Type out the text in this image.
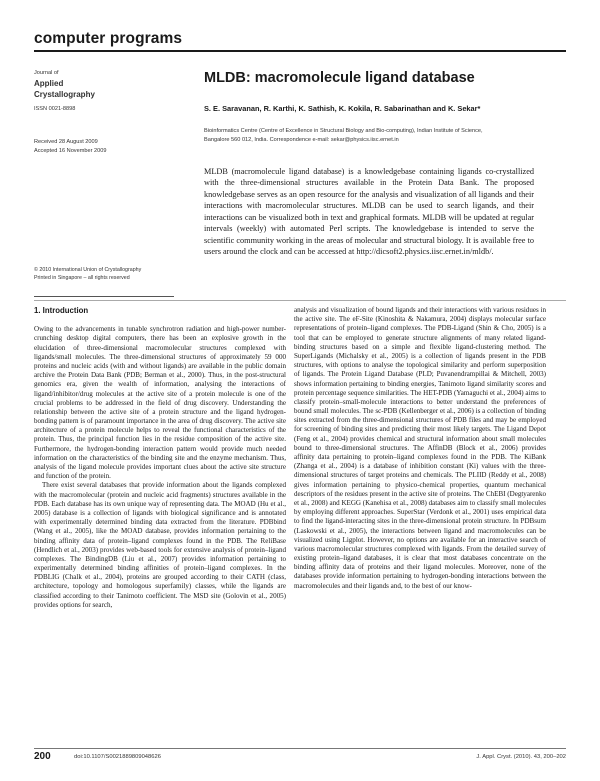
computer programs
Journal of
Applied
Crystallography
ISSN 0021-8898
Received 28 August 2009
Accepted 16 November 2009
© 2010 International Union of Crystallography
Printed in Singapore – all rights reserved
MLDB: macromolecule ligand database
S. E. Saravanan, R. Karthi, K. Sathish, K. Kokila, R. Sabarinathan and K. Sekar*
Bioinformatics Centre (Centre of Excellence in Structural Biology and Bio-computing), Indian Institute of Science,
Bangalore 560 012, India. Correspondence e-mail: sekar@physics.iisc.ernet.in

MLDB (macromolecule ligand database) is a knowledgebase containing ligands co-crystallized with the three-dimensional structures available in the Protein Data Bank. The proposed knowledgebase serves as an open resource for the analysis and visualization of all ligands and their interactions with macromolecular structures. MLDB can be used to search ligands, and their interactions can be visualized both in text and graphical formats. MLDB will be updated at regular intervals (weekly) with automated Perl scripts. The knowledgebase is intended to serve the scientific community working in the areas of molecular and structural biology. It is available free to users around the clock and can be accessed at http://dicsoft2.physics.iisc.ernet.in/mldb/.

1. Introduction

Owing to the advancements in tunable synchrotron radiation and high-power number-crunching desktop digital computers, there has been an explosive growth in the elucidation of three-dimensional macromolecular structures complexed with ligands/small molecules. The three-dimensional structures of approximately 59 000 proteins and nucleic acids (with and without ligands) are available in the public domain archive the Protein Data Bank (PDB; Berman et al., 2000). Thus, in the post-structural genomics era, given the wealth of information, analysing the interactions of ligand/inhibitor/drug molecules at the active site of a protein molecule is one of the crucial problems to be addressed in the field of drug discovery. Understanding the relationship between the active site of a protein structure and the ligand hydrogen-bonding pattern is of paramount importance in the area of drug discovery. The active site architecture of a protein molecule helps to reveal the functional characteristics of the protein. Thus, the principal function lies in the residue composition of the active site. Furthermore, the hydrogen-bonding interaction pattern would provide much needed information on the characteristics of the binding site and the enzyme mechanism. Thus, analysis of the ligand molecule provides important clues about the active site structure and function of the protein.

There exist several databases that provide information about the ligands complexed with the macromolecular (protein and nucleic acid fragments) structures available in the PDB. Each database has its own unique way of representing data. The MOAD (Hu et al., 2005) database is a collection of ligands with biological significance and is annotated with experimentally determined binding data extracted from the literature. PDBbind (Wang et al., 2005), like the MOAD database, provides information pertaining to the binding affinity data of protein–ligand complexes found in the PDB. The ReliBase (Hendlich et al., 2003) provides web-based tools for extensive analysis of protein–ligand complexes. The BindingDB (Liu et al., 2007) provides information pertaining to experimentally determined binding affinities of protein–ligand complexes. In the PDBLIG (Chalk et al., 2004), proteins are grouped according to their CATH (class, architecture, topology and homologous superfamily) classes, while the ligands are classified according to their Tanimoto coefficient. The MSD site (Golovin et al., 2005) provides options for search,

analysis and visualization of bound ligands and their interactions with various residues in the active site. The eF-Site (Kinoshita & Nakamura, 2004) displays molecular surface representations of protein–ligand complexes. The PDB-Ligand (Shin & Cho, 2005) is a tool that can be employed to generate structure alignments of many related ligand-binding structures based on a simple and flexible ligand-clustering method. The SuperLigands (Michalsky et al., 2005) is a collection of ligands present in the PDB structures, with options to analyse the topological similarity and perform superposition of ligands. The Protein Ligand Database (PLD; Puvanendrampillai & Mitchell, 2003) shows information pertaining to binding energies, Tanimoto ligand similarity scores and protein percentage sequence similarities. The HET-PDB (Yamaguchi et al., 2004) aims to classify protein–small-molecule interactions to better understand the preferences of bound small molecules. The sc-PDB (Kellenberger et al., 2006) is a collection of binding sites extracted from the three-dimensional structures of PDB files and may be employed for screening of binding sites and predicting their most likely targets. The Ligand Depot (Feng et al., 2004) provides chemical and structural information about small molecules bound to three-dimensional structures. The AffinDB (Block et al., 2006) provides affinity data pertaining to protein–ligand complexes found in the PDB. The KiBank (Zhanga et al., 2004) is a database of inhibition constant (Ki) values with the three-dimensional structures of target proteins and chemicals. The PLIID (Reddy et al., 2008) gives information pertaining to physico-chemical properties, quantum mechanical descriptors of the residues present in the active site of proteins. The ChEBI (Degtyarenko et al., 2008) and KEGG (Kanehisa et al., 2008) databases aim to classify small molecules by employing different approaches. SuperStar (Verdonk et al., 2001) uses empirical data to find the ligand-interacting sites in the three-dimensional protein structure. In PDBsum (Laskowski et al., 2005), the interactions between ligand and macromolecules can be visualized using Ligplot. However, no options are available for an interactive search of various macromolecular structures complexed with ligands. From the detailed survey of existing protein–ligand databases, it is clear that most databases concentrate on the binding affinity data of proteins and their ligand molecules. Moreover, none of the databases provide information pertaining to hydrogen-bonding interactions between the macromolecules and their ligands and, to the best of our know-

200	doi:10.1107/S0021889809048626	J. Appl. Cryst. (2010). 43, 200–202
